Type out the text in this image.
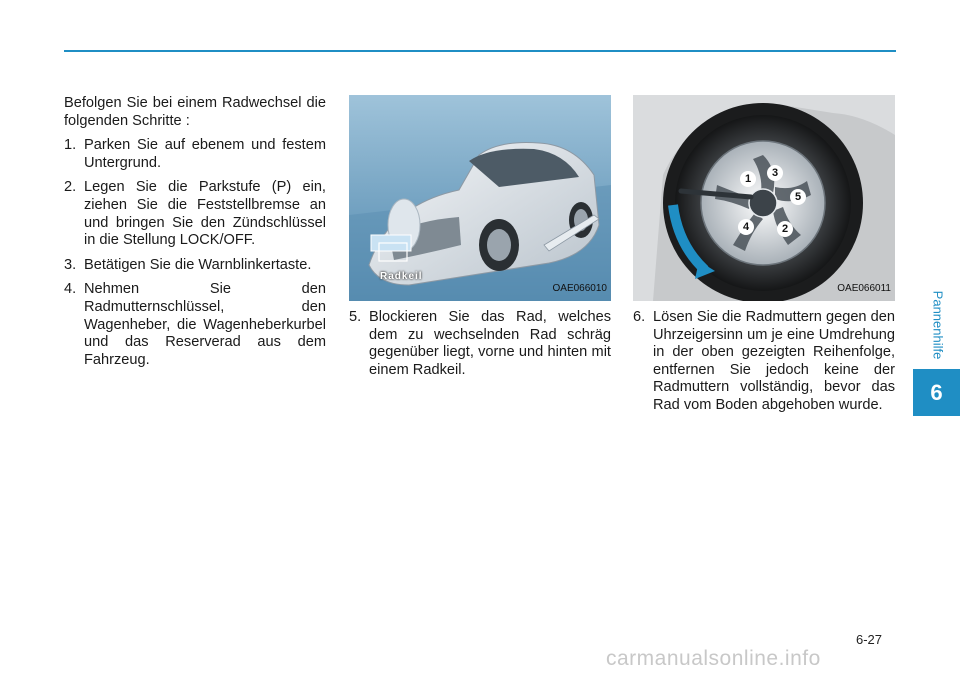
Befolgen Sie bei einem Radwechsel die folgenden Schritte :

1. Parken Sie auf ebenem und festem Untergrund.
2. Legen Sie die Parkstufe (P) ein, ziehen Sie die Feststellbremse an und bringen Sie den Zündschlüssel in die Stellung LOCK/OFF.
3. Betätigen Sie die Warnblinkertaste.
4. Nehmen Sie den Radmutternschlüssel, den Wagenheber, die Wagenheberkurbel und das Reserverad aus dem Fahrzeug.
Radkeil
OAE066010
5. Blockieren Sie das Rad, welches dem zu wechselnden Rad schräg gegenüber liegt, vorne und hinten mit einem Radkeil.
1	3
5
4	2
OAE066011
6. Lösen Sie die Radmuttern gegen den Uhrzeigersinn um je eine Umdrehung in der oben gezeigten Reihenfolge, entfernen Sie jedoch keine der Radmuttern vollständig, bevor das Rad vom Boden abgehoben wurde.
Pannenhilfe
6
6-27
carmanualsonline.info
